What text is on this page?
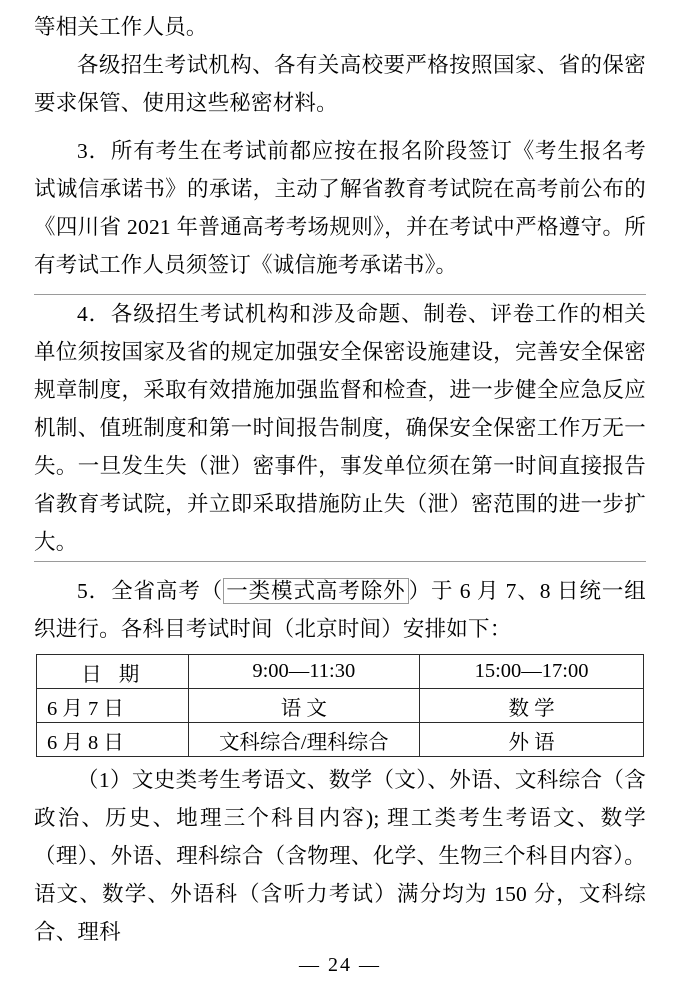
等相关工作人员。

各级招生考试机构、各有关高校要严格按照国家、省的保密要求保管、使用这些秘密材料。

3．所有考生在考试前都应按在报名阶段签订《考生报名考试诚信承诺书》的承诺，主动了解省教育考试院在高考前公布的《四川省 2021 年普通高考考场规则》，并在考试中严格遵守。所有考试工作人员须签订《诚信施考承诺书》。

4．各级招生考试机构和涉及命题、制卷、评卷工作的相关单位须按国家及省的规定加强安全保密设施建设，完善安全保密规章制度，采取有效措施加强监督和检查，进一步健全应急反应机制、值班制度和第一时间报告制度，确保安全保密工作万无一失。一旦发生失（泄）密事件，事发单位须在第一时间直接报告省教育考试院，并立即采取措施防止失（泄）密范围的进一步扩大。

5．全省高考（ 一类模式高考除外 ）于 6 月 7、8 日统一组织进行。各科目考试时间（北京时间）安排如下：

日 期	9:00—11:30	15:00—17:00
6 月 7 日	语 文	数 学
6 月 8 日	文科综合/理科综合	外 语

（1）文史类考生考语文、数学（文）、外语、文科综合（含政治、历史、地理三个科目内容); 理工类考生考语文、数学（理）、外语、理科综合（含物理、化学、生物三个科目内容）。语文、数学、外语科（含听力考试）满分均为 150 分，文科综合、理科

— 24 —
